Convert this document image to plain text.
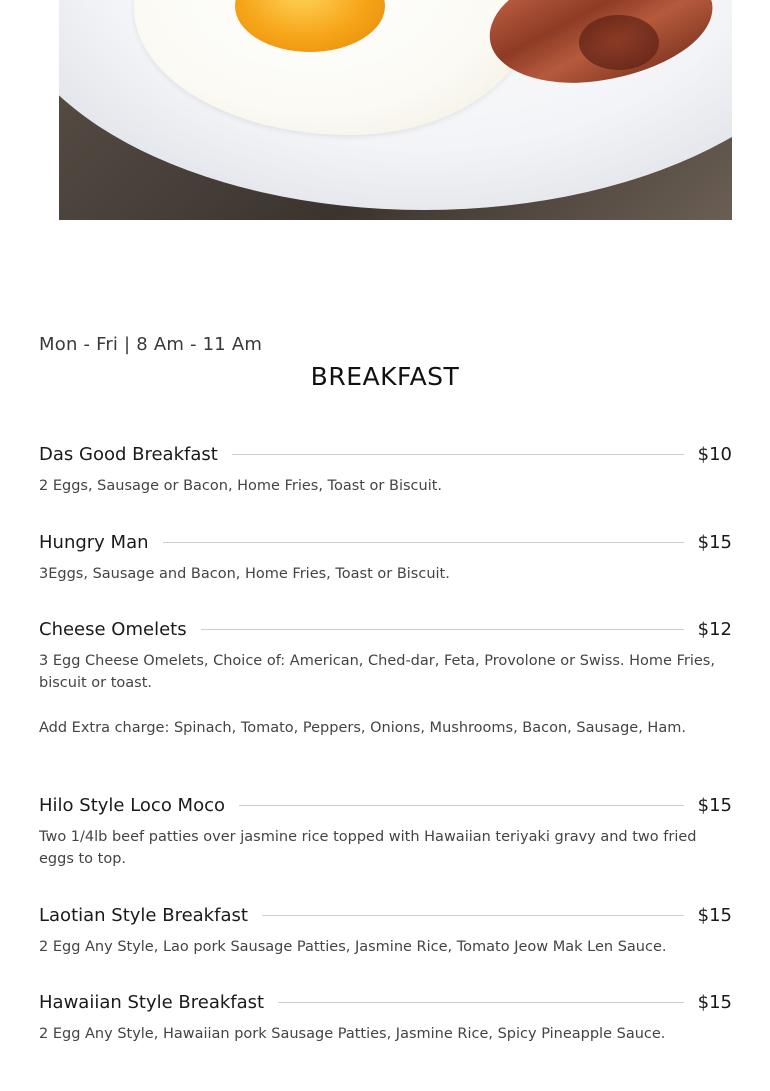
Mon - Fri | 8 Am - 11 Am
BREAKFAST
Das Good Breakfast	$10
2 Eggs, Sausage or Bacon, Home Fries, Toast or Biscuit.
Hungry Man	$15
3Eggs, Sausage and Bacon, Home Fries, Toast or Biscuit.
Cheese Omelets	$12
3 Egg Cheese Omelets, Choice of: American, Ched-dar, Feta, Provolone or Swiss. Home Fries, biscuit or toast.
Add Extra charge: Spinach, Tomato, Peppers, Onions, Mushrooms, Bacon, Sausage, Ham.
Hilo Style Loco Moco	$15
Two 1/4lb beef patties over jasmine rice topped with Hawaiian teriyaki gravy and two fried eggs to top.
Laotian Style Breakfast	$15
2 Egg Any Style, Lao pork Sausage Patties, Jasmine Rice, Tomato Jeow Mak Len Sauce.
Hawaiian Style Breakfast	$15
2 Egg Any Style, Hawaiian pork Sausage Patties, Jasmine Rice, Spicy Pineapple Sauce.
